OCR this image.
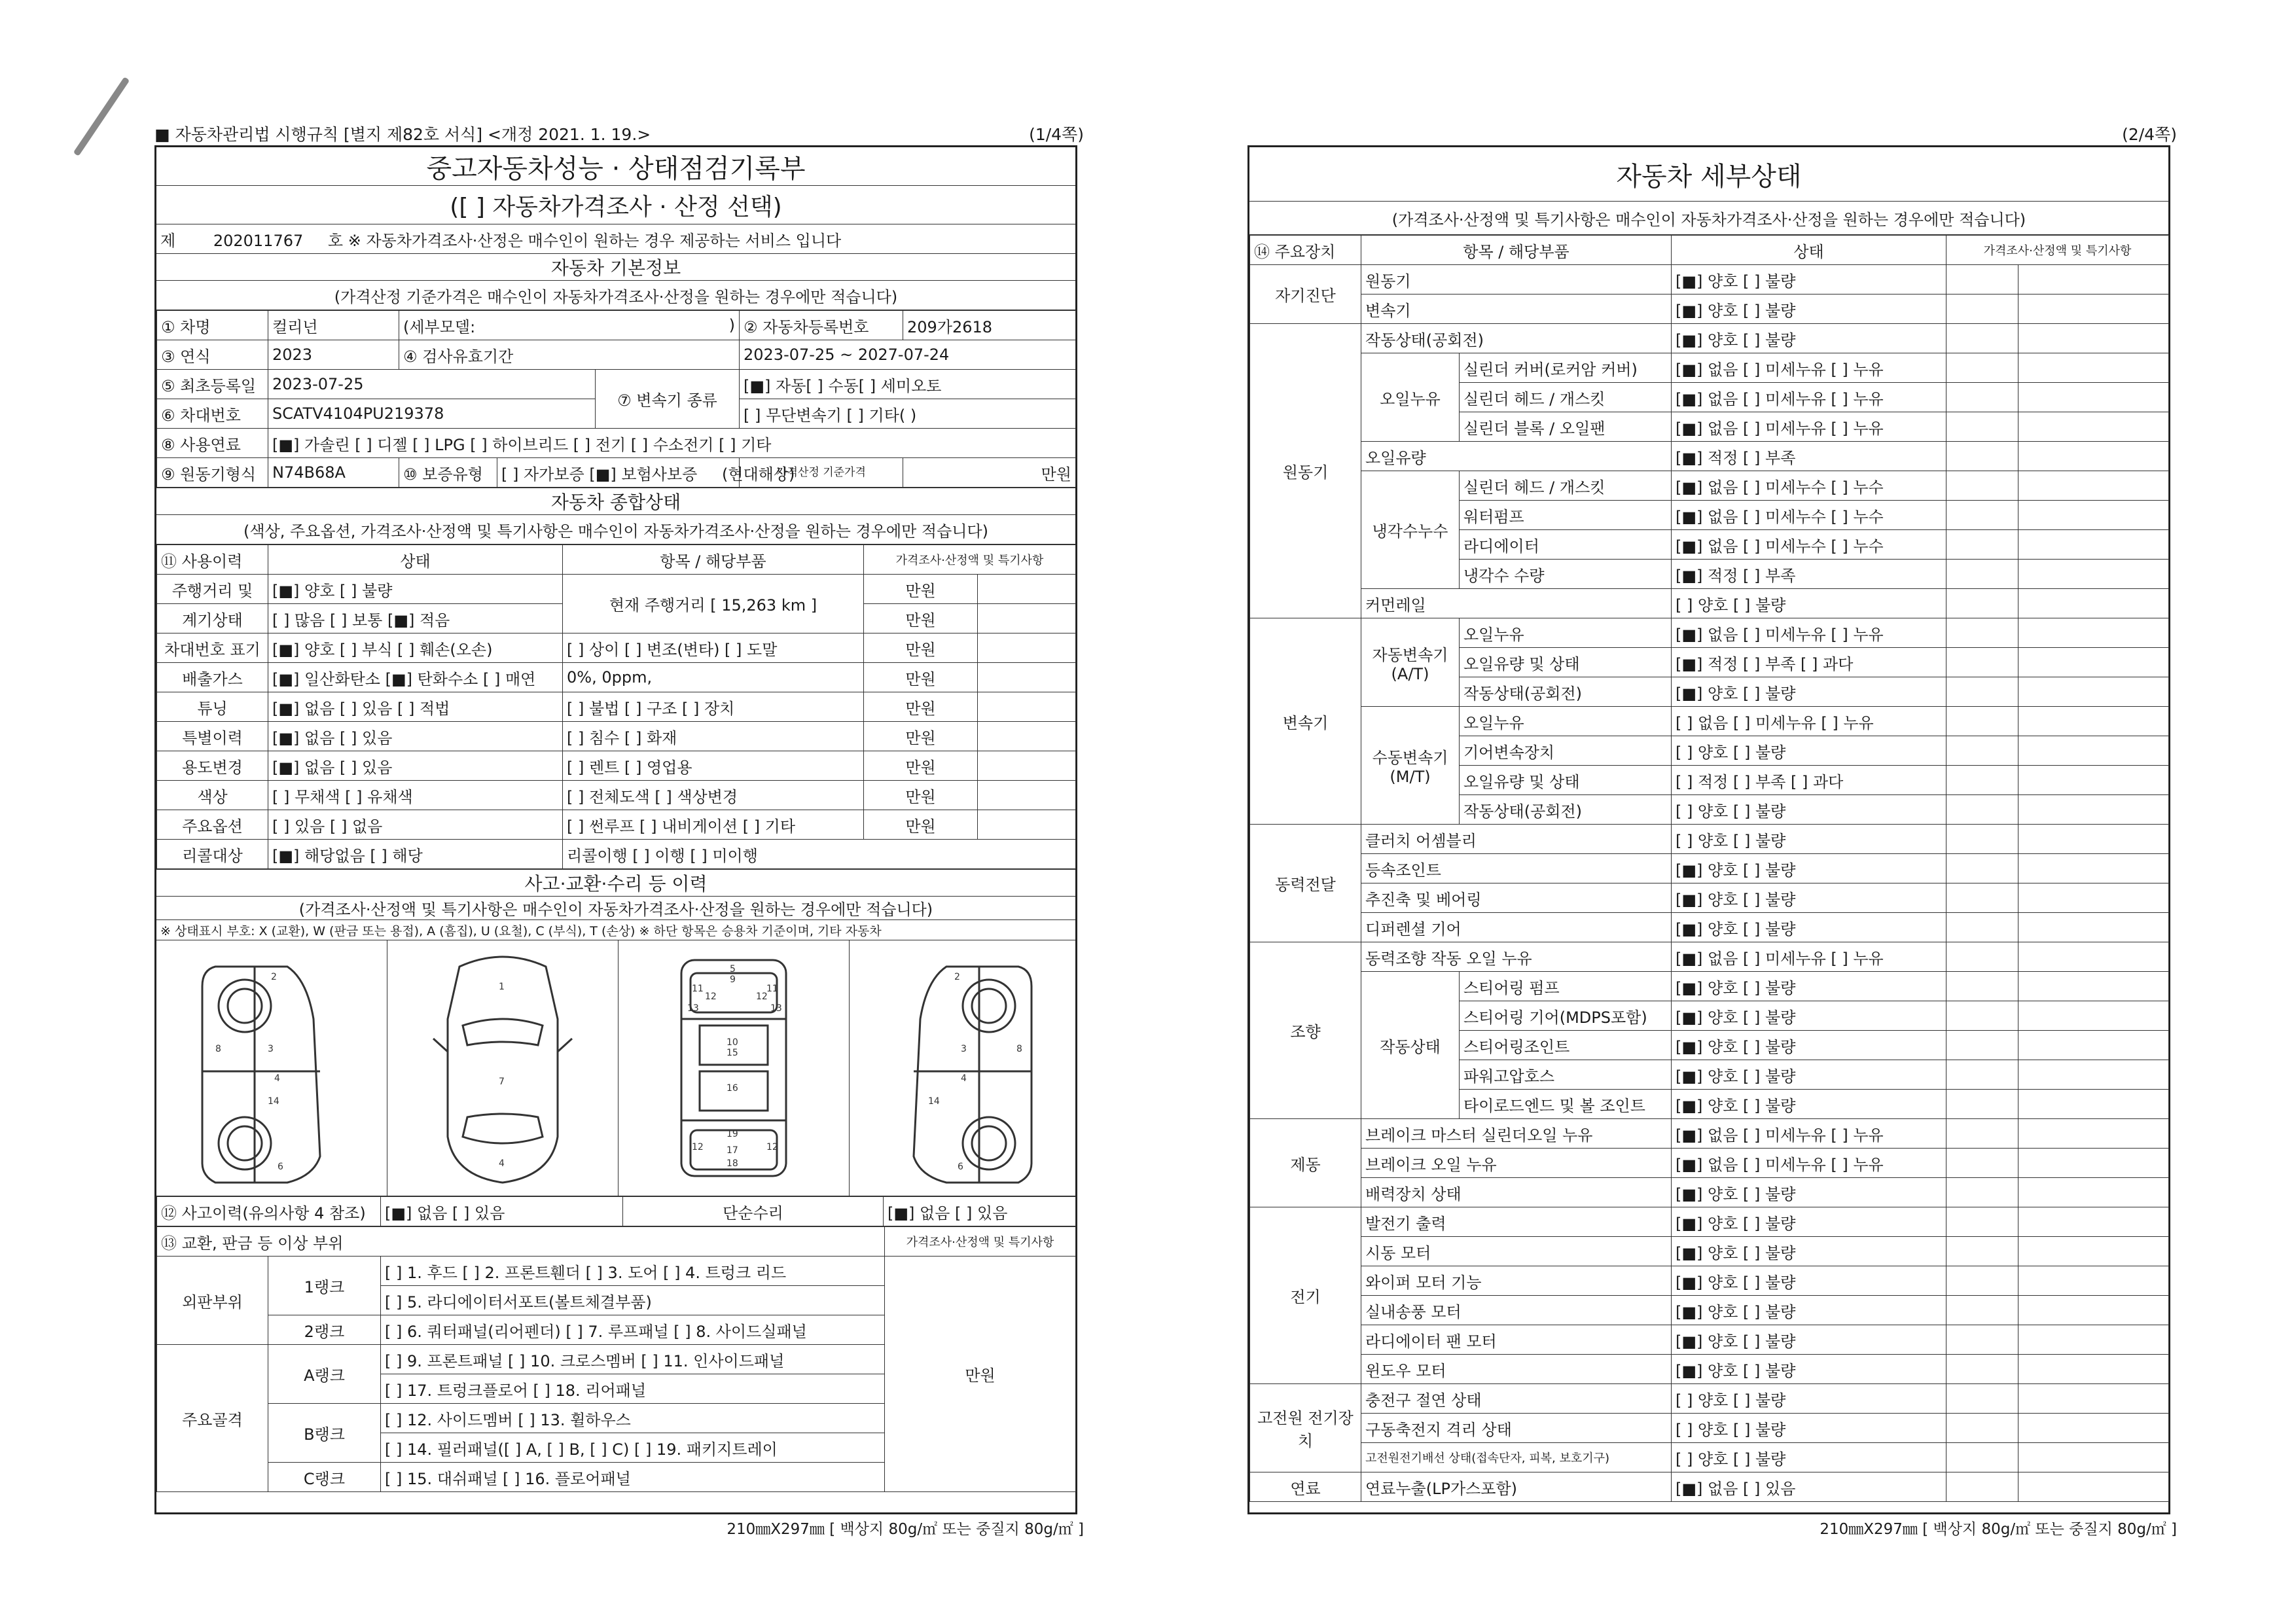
■ 자동차관리법 시행규칙 [별지 제82호 서식] <개정 2021. 1. 19.>	(1/4쪽)
중고자동차성능 · 상태점검기록부
([ ] 자동차가격조사 · 산정 선택)
제 202011767 호 ※ 자동차가격조사·산정은 매수인이 원하는 경우 제공하는 서비스 입니다
자동차 기본정보
(가격산정 기준가격은 매수인이 자동차가격조사·산정을 원하는 경우에만 적습니다)
① 차명	컬리넌	(세부모델:		)	② 자동차등록번호	209가2618
③ 연식	2023	④ 검사유효기간			2023-07-25 ~ 2027-07-24	
⑤ 최초등록일	2023-07-25			⑦ 변속기 종류	[■] 자동[ ] 수동[ ] 세미오토	
⑥ 차대번호	SCATV4104PU219378				[ ] 무단변속기 [ ] 기타( )	
⑧ 사용연료	[■] 가솔린 [ ] 디젤 [ ] LPG [ ] 하이브리드 [ ] 전기 [ ] 수소전기 [ ] 기타					
⑨ 원동기형식	N74B68A	⑩ 보증유형	[ ] 자가보증 [■] 보험사보증 (현대해상)		가격산정 기준가격	만원
자동차 종합상태
(색상, 주요옵션, 가격조사·산정액 및 특기사항은 매수인이 자동차가격조사·산정을 원하는 경우에만 적습니다)
⑪ 사용이력	상태	항목 / 해당부품	가격조사·산정액 및 특기사항	
주행거리 및	[■] 양호 [ ] 불량	현재 주행거리 [ 15,263 km ]	만원	
계기상태	[ ] 많음 [ ] 보통 [■] 적음		만원	
차대번호 표기	[■] 양호 [ ] 부식 [ ] 훼손(오손)	[ ] 상이 [ ] 변조(변타) [ ] 도말	만원	
배출가스	[■] 일산화탄소 [■] 탄화수소 [ ] 매연	0%, 0ppm,	만원	
튜닝	[■] 없음 [ ] 있음 [ ] 적법	[ ] 불법 [ ] 구조 [ ] 장치	만원	
특별이력	[■] 없음 [ ] 있음	[ ] 침수 [ ] 화재	만원	
용도변경	[■] 없음 [ ] 있음	[ ] 렌트 [ ] 영업용	만원	
색상	[ ] 무채색 [ ] 유채색	[ ] 전체도색 [ ] 색상변경	만원	
주요옵션	[ ] 있음 [ ] 없음	[ ] 썬루프 [ ] 내비게이션 [ ] 기타	만원	
리콜대상	[■] 해당없음 [ ] 해당	리콜이행 [ ] 이행 [ ] 미이행		
사고·교환·수리 등 이력
(가격조사·산정액 및 특기사항은 매수인이 자동차가격조사·산정을 원하는 경우에만 적습니다)
※ 상태표시 부호: X (교환), W (판금 또는 용접), A (흠집), U (요철), C (부식), T (손상) ※ 하단 항목은 승용차 기준이며, 기타 자동차
2
3
14
8
6
4
1
7
4
5
9
11	11
12	12
13	13
10
15
16
19
17
12	12
18
2
3
14
8
6
4
⑫ 사고이력(유의사항 4 참조)	[■] 없음 [ ] 있음	단순수리	[■] 없음 [ ] 있음
⑬ 교환, 판금 등 이상 부위			가격조사·산정액 및 특기사항
외판부위	1랭크	[ ] 1. 후드 [ ] 2. 프론트휀더 [ ] 3. 도어 [ ] 4. 트렁크 리드	만원
		[ ] 5. 라디에이터서포트(볼트체결부품)	
	2랭크	[ ] 6. 쿼터패널(리어펜더) [ ] 7. 루프패널 [ ] 8. 사이드실패널	
주요골격	A랭크	[ ] 9. 프론트패널 [ ] 10. 크로스멤버 [ ] 11. 인사이드패널	
		[ ] 17. 트렁크플로어 [ ] 18. 리어패널	
	B랭크	[ ] 12. 사이드멤버 [ ] 13. 휠하우스	
		[ ] 14. 필러패널([ ] A, [ ] B, [ ] C) [ ] 19. 패키지트레이	
	C랭크	[ ] 15. 대쉬패널 [ ] 16. 플로어패널	
210㎜X297㎜ [ 백상지 80g/㎡ 또는 중질지 80g/㎡ ]
(2/4쪽)
자동차 세부상태
(가격조사·산정액 및 특기사항은 매수인이 자동차가격조사·산정을 원하는 경우에만 적습니다)
⑭ 주요장치	항목 / 해당부품		상태	가격조사·산정액 및 특기사항	
자기진단	원동기		[■] 양호 [ ] 불량		
	변속기		[■] 양호 [ ] 불량		
원동기	작동상태(공회전)		[■] 양호 [ ] 불량		
	오일누유	실린더 커버(로커암 커버)	[■] 없음 [ ] 미세누유 [ ] 누유		
		실린더 헤드 / 개스킷	[■] 없음 [ ] 미세누유 [ ] 누유		
		실린더 블록 / 오일팬	[■] 없음 [ ] 미세누유 [ ] 누유		
	오일유량		[■] 적정 [ ] 부족		
	냉각수누수	실린더 헤드 / 개스킷	[■] 없음 [ ] 미세누수 [ ] 누수		
		워터펌프	[■] 없음 [ ] 미세누수 [ ] 누수		
		라디에이터	[■] 없음 [ ] 미세누수 [ ] 누수		
		냉각수 수량	[■] 적정 [ ] 부족		
	커먼레일		[ ] 양호 [ ] 불량		
변속기	자동변속기 (A/T)	오일누유	[■] 없음 [ ] 미세누유 [ ] 누유		
		오일유량 및 상태	[■] 적정 [ ] 부족 [ ] 과다		
		작동상태(공회전)	[■] 양호 [ ] 불량		
	수동변속기 (M/T)	오일누유	[ ] 없음 [ ] 미세누유 [ ] 누유		
		기어변속장치	[ ] 양호 [ ] 불량		
		오일유량 및 상태	[ ] 적정 [ ] 부족 [ ] 과다		
		작동상태(공회전)	[ ] 양호 [ ] 불량		
동력전달	클러치 어셈블리		[ ] 양호 [ ] 불량		
	등속조인트		[■] 양호 [ ] 불량		
	추진축 및 베어링		[■] 양호 [ ] 불량		
	디퍼렌셜 기어		[■] 양호 [ ] 불량		
조향	동력조향 작동 오일 누유		[■] 없음 [ ] 미세누유 [ ] 누유		
	작동상태	스티어링 펌프	[■] 양호 [ ] 불량		
		스티어링 기어(MDPS포함)	[■] 양호 [ ] 불량		
		스티어링조인트	[■] 양호 [ ] 불량		
		파워고압호스	[■] 양호 [ ] 불량		
		타이로드엔드 및 볼 조인트	[■] 양호 [ ] 불량		
제동	브레이크 마스터 실린더오일 누유		[■] 없음 [ ] 미세누유 [ ] 누유		
	브레이크 오일 누유		[■] 없음 [ ] 미세누유 [ ] 누유		
	배력장치 상태		[■] 양호 [ ] 불량		
전기	발전기 출력		[■] 양호 [ ] 불량		
	시동 모터		[■] 양호 [ ] 불량		
	와이퍼 모터 기능		[■] 양호 [ ] 불량		
	실내송풍 모터		[■] 양호 [ ] 불량		
	라디에이터 팬 모터		[■] 양호 [ ] 불량		
	윈도우 모터		[■] 양호 [ ] 불량		
고전원 전기장치	충전구 절연 상태		[ ] 양호 [ ] 불량		
	구동축전지 격리 상태		[ ] 양호 [ ] 불량		
	고전원전기배선 상태(접속단자, 피복, 보호기구)		[ ] 양호 [ ] 불량		
연료	연료누출(LP가스포함)		[■] 없음 [ ] 있음		
210㎜X297㎜ [ 백상지 80g/㎡ 또는 중질지 80g/㎡ ]
